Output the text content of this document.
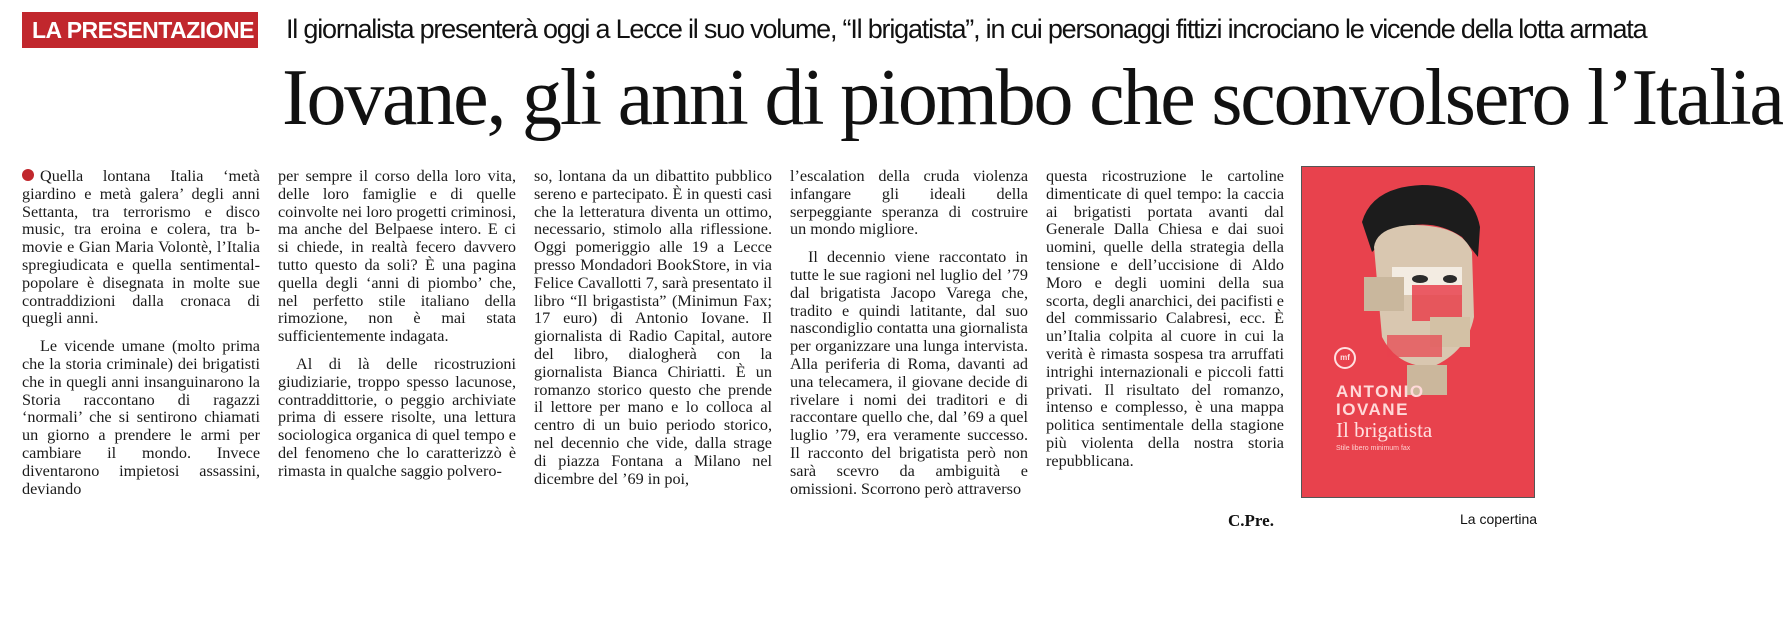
LA PRESENTAZIONE Il giornalista presenterà oggi a Lecce il suo volume, “Il brigatista”, in cui personaggi fittizi incrociano le vicende della lotta armata
Iovane, gli anni di piombo che sconvolsero l’Italia

Quella lontana Italia ‘metà giardino e metà galera’ degli anni Settanta, tra terrorismo e disco music, tra eroina e colera, tra b-movie e Gian Maria Volontè, l’Italia spregiudicata e quella sentimental-popolare è disegnata in molte sue contraddizioni dalla cronaca di quegli anni.

Le vicende umane (molto prima che la storia criminale) dei brigatisti che in quegli anni insanguinarono la Storia raccontano di ragazzi ‘normali’ che si sentirono chiamati un giorno a prendere le armi per cambiare il mondo. Invece diventarono impietosi assassini, deviando

per sempre il corso della loro vita, delle loro famiglie e di quelle coinvolte nei loro progetti criminosi, ma anche del Belpaese intero. E ci si chiede, in realtà fecero davvero tutto questo da soli? È una pagina quella degli ‘anni di piombo’ che, nel perfetto stile italiano della rimozione, non è mai stata sufficientemente indagata.

Al di là delle ricostruzioni giudiziarie, troppo spesso lacunose, contraddittorie, o peggio archiviate prima di essere risolte, una lettura sociologica organica di quel tempo e del fenomeno che lo caratterizzò è rimasta in qualche saggio polvero-

so, lontana da un dibattito pubblico sereno e partecipato. È in questi casi che la letteratura diventa un ottimo, necessario, stimolo alla riflessione. Oggi pomeriggio alle 19 a Lecce presso Mondadori BookStore, in via Felice Cavallotti 7, sarà presentato il libro “Il brigastista” (Minimun Fax; 17 euro) di Antonio Iovane. Il giornalista di Radio Capital, autore del libro, dialogherà con la giornalista Bianca Chiriatti. È un romanzo storico questo che prende il lettore per mano e lo colloca al centro di un buio periodo storico, nel decennio che vide, dalla strage di piazza Fontana a Milano nel dicembre del ’69 in poi,

l’escalation della cruda violenza infangare gli ideali della serpeggiante speranza di costruire un mondo migliore.

Il decennio viene raccontato in tutte le sue ragioni nel luglio del ’79 dal brigatista Jacopo Varega che, tradito e quindi latitante, dal suo nascondiglio contatta una giornalista per organizzare una lunga intervista. Alla periferia di Roma, davanti ad una telecamera, il giovane decide di rivelare i nomi dei traditori e di raccontare quello che, dal ’69 a quel luglio ’79, era veramente successo. Il racconto del brigatista però non sarà scevro da ambiguità e omissioni. Scorrono però attraverso

questa ricostruzione le cartoline dimenticate di quel tempo: la caccia ai brigatisti portata avanti dal Generale Dalla Chiesa e dai suoi uomini, quelle della strategia della tensione e dell’uccisione di Aldo Moro e degli uomini della sua scorta, degli anarchici, dei pacifisti e del commissario Calabresi, ecc. È un’Italia colpita al cuore in cui la verità è rimasta sospesa tra arruffati intrighi internazionali e piccoli fatti privati. Il risultato del romanzo, intenso e complesso, è una mappa politica sentimentale della stagione più violenta della nostra storia repubblicana.

C.Pre.
mf
ANTONIO
IOVANE
Il brigatista
Stile libero minimum fax
La copertina
